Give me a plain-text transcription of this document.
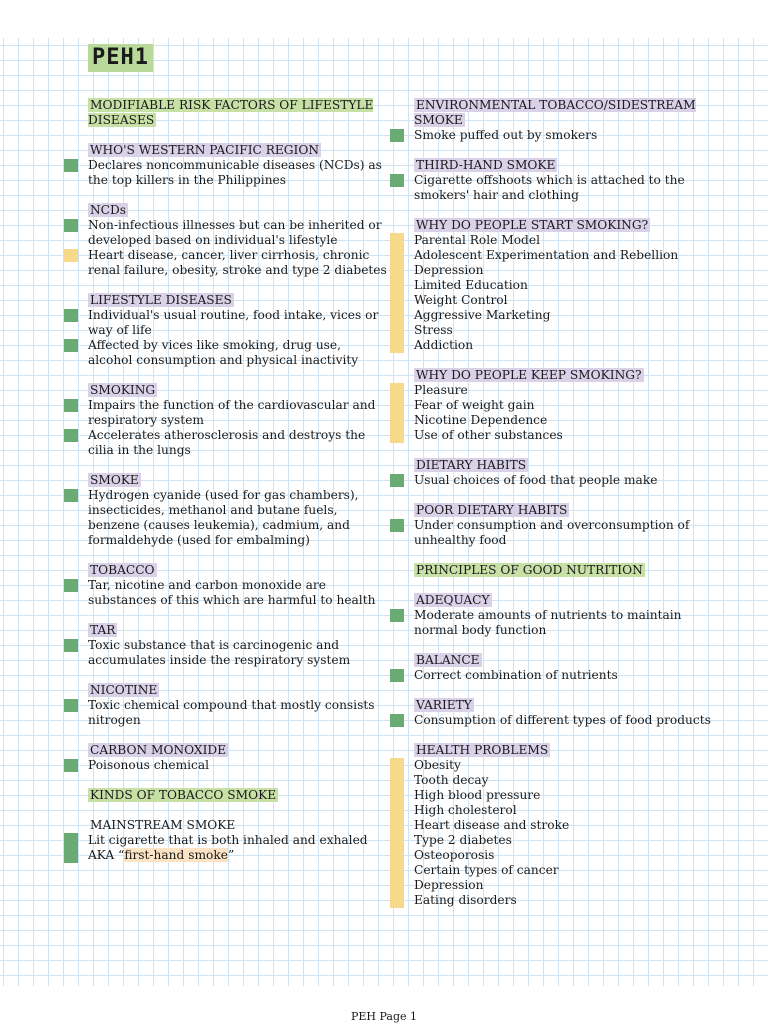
PEH1
MODIFIABLE RISK FACTORS OF LIFESTYLE DISEASES
WHO'S WESTERN PACIFIC REGION
Declares noncommunicable diseases (NCDs) as the top killers in the Philippines
NCDs
Non-infectious illnesses but can be inherited or developed based on individual's lifestyle
Heart disease, cancer, liver cirrhosis, chronic renal failure, obesity, stroke and type 2 diabetes
LIFESTYLE DISEASES
Individual's usual routine, food intake, vices or way of life
Affected by vices like smoking, drug use, alcohol consumption and physical inactivity
SMOKING
Impairs the function of the cardiovascular and respiratory system
Accelerates atherosclerosis and destroys the cilia in the lungs
SMOKE
Hydrogen cyanide (used for gas chambers), insecticides, methanol and butane fuels, benzene (causes leukemia), cadmium, and formaldehyde (used for embalming)
TOBACCO
Tar, nicotine and carbon monoxide are substances of this which are harmful to health
TAR
Toxic substance that is carcinogenic and accumulates inside the respiratory system
NICOTINE
Toxic chemical compound that mostly consists nitrogen
CARBON MONOXIDE
Poisonous chemical
KINDS OF TOBACCO SMOKE
MAINSTREAM SMOKE
Lit cigarette that is both inhaled and exhaled AKA “first-hand smoke”
ENVIRONMENTAL TOBACCO/SIDESTREAM SMOKE
Smoke puffed out by smokers
THIRD-HAND SMOKE
Cigarette offshoots which is attached to the smokers' hair and clothing
WHY DO PEOPLE START SMOKING?
Parental Role Model
Adolescent Experimentation and Rebellion
Depression
Limited Education
Weight Control
Aggressive Marketing
Stress
Addiction
WHY DO PEOPLE KEEP SMOKING?
Pleasure
Fear of weight gain
Nicotine Dependence
Use of other substances
DIETARY HABITS
Usual choices of food that people make
POOR DIETARY HABITS
Under consumption and overconsumption of unhealthy food
PRINCIPLES OF GOOD NUTRITION
ADEQUACY
Moderate amounts of nutrients to maintain normal body function
BALANCE
Correct combination of nutrients
VARIETY
Consumption of different types of food products
HEALTH PROBLEMS
Obesity
Tooth decay
High blood pressure
High cholesterol
Heart disease and stroke
Type 2 diabetes
Osteoporosis
Certain types of cancer
Depression
Eating disorders
PEH Page 1
